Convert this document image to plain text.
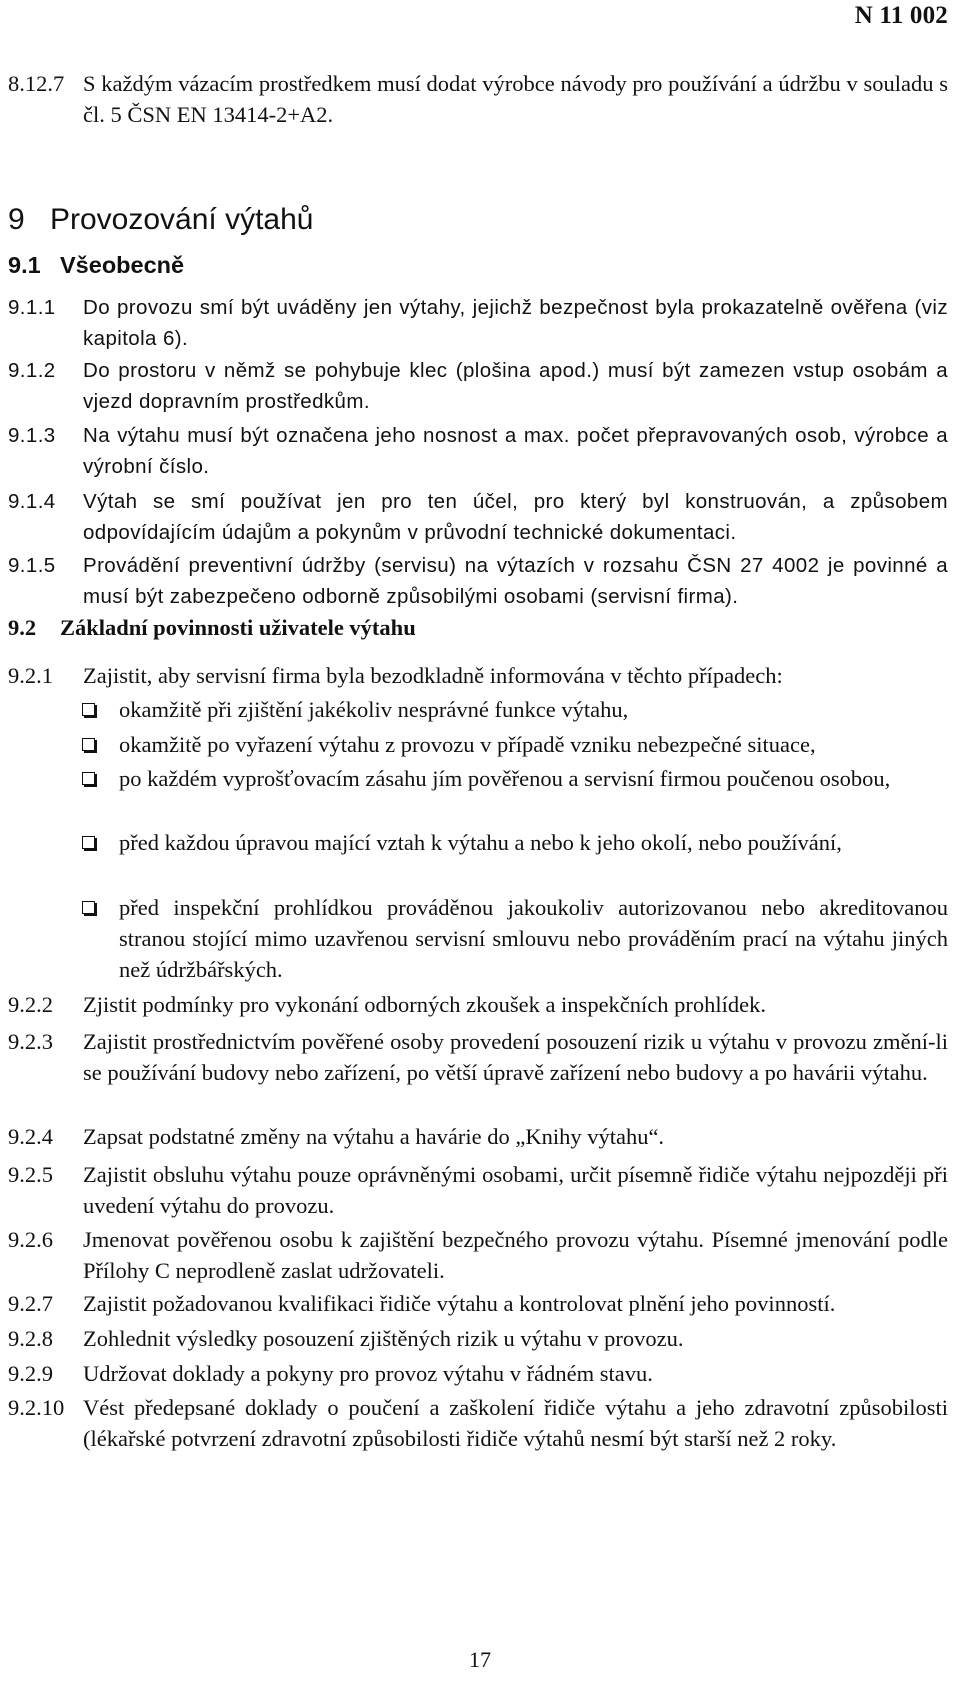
N 11 002
8.12.7 S každým vázacím prostředkem musí dodat výrobce návody pro používání a údržbu v souladu s čl. 5 ČSN EN 13414-2+A2.
9 Provozování výtahů
9.1 Všeobecně
9.1.1 Do provozu smí být uváděny jen výtahy, jejichž bezpečnost byla prokazatelně ověřena (viz kapitola 6).
9.1.2 Do prostoru v němž se pohybuje klec (plošina apod.) musí být zamezen vstup osobám a vjezd dopravním prostředkům.
9.1.3 Na výtahu musí být označena jeho nosnost a max. počet přepravovaných osob, výrobce a výrobní číslo.
9.1.4 Výtah se smí používat jen pro ten účel, pro který byl konstruován, a způsobem odpovídajícím údajům a pokynům v průvodní technické dokumentaci.
9.1.5 Provádění preventivní údržby (servisu) na výtazích v rozsahu ČSN 27 4002 je povinné a musí být zabezpečeno odborně způsobilými osobami (servisní firma).
9.2 Základní povinnosti uživatele výtahu
9.2.1 Zajistit, aby servisní firma byla bezodkladně informována v těchto případech:
okamžitě při zjištění jakékoliv nesprávné funkce výtahu,
okamžitě po vyřazení výtahu z provozu v případě vzniku nebezpečné situace,
po každém vyprošťovacím zásahu jím pověřenou a servisní firmou poučenou osobou,
před každou úpravou mající vztah k výtahu a nebo k jeho okolí, nebo používání,
před inspekční prohlídkou prováděnou jakoukoliv autorizovanou nebo akreditovanou stranou stojící mimo uzavřenou servisní smlouvu nebo prováděním prací na výtahu jiných než údržbářských.
9.2.2 Zjistit podmínky pro vykonání odborných zkoušek a inspekčních prohlídek.
9.2.3 Zajistit prostřednictvím pověřené osoby provedení posouzení rizik u výtahu v provozu změní-li se používání budovy nebo zařízení, po větší úpravě zařízení nebo budovy a po havárii výtahu.
9.2.4 Zapsat podstatné změny na výtahu a havárie do „Knihy výtahu“.
9.2.5 Zajistit obsluhu výtahu pouze oprávněnými osobami, určit písemně řidiče výtahu nejpozději při uvedení výtahu do provozu.
9.2.6 Jmenovat pověřenou osobu k zajištění bezpečného provozu výtahu. Písemné jmenování podle Přílohy C neprodleně zaslat udržovateli.
9.2.7 Zajistit požadovanou kvalifikaci řidiče výtahu a kontrolovat plnění jeho povinností.
9.2.8 Zohlednit výsledky posouzení zjištěných rizik u výtahu v provozu.
9.2.9 Udržovat doklady a pokyny pro provoz výtahu v řádném stavu.
9.2.10 Vést předepsané doklady o poučení a zaškolení řidiče výtahu a jeho zdravotní způsobilosti (lékařské potvrzení zdravotní způsobilosti řidiče výtahů nesmí být starší než 2 roky.
17
